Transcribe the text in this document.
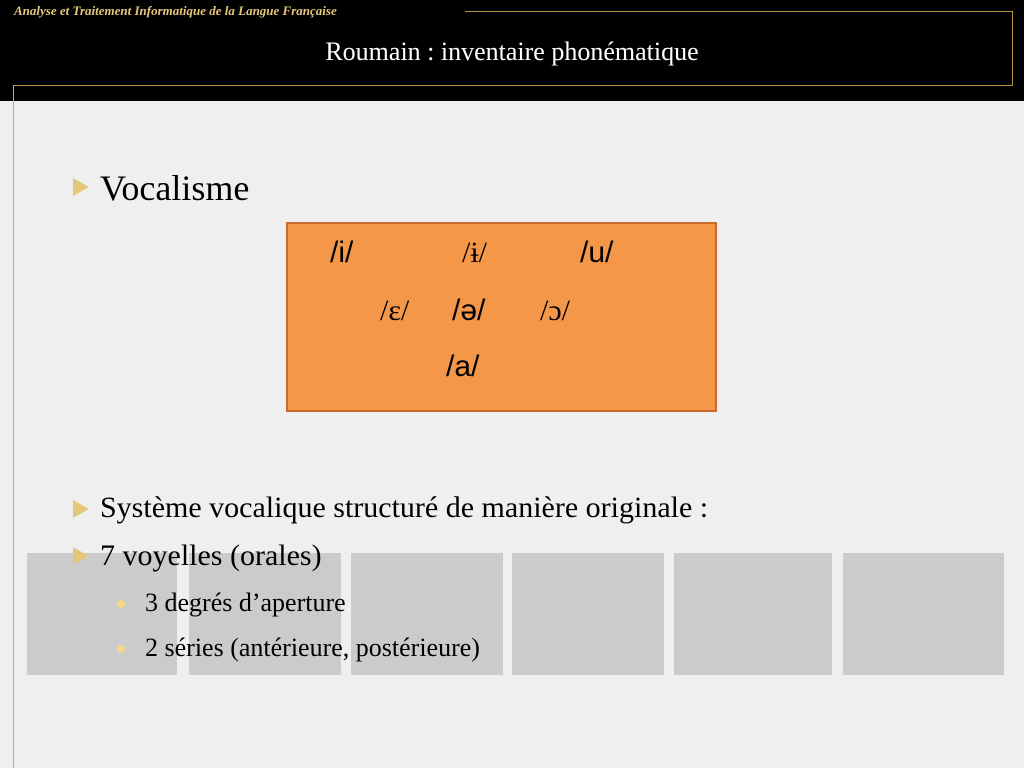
Analyse et Traitement Informatique de la Langue Française
Roumain : inventaire phonématique
Vocalisme
/i/	/ɨ/	/u/
/ɛ/ /ə/ /ɔ/
/a/
Système vocalique structuré de manière originale :
7 voyelles (orales)
3 degrés d’aperture
2 séries (antérieure, postérieure)
